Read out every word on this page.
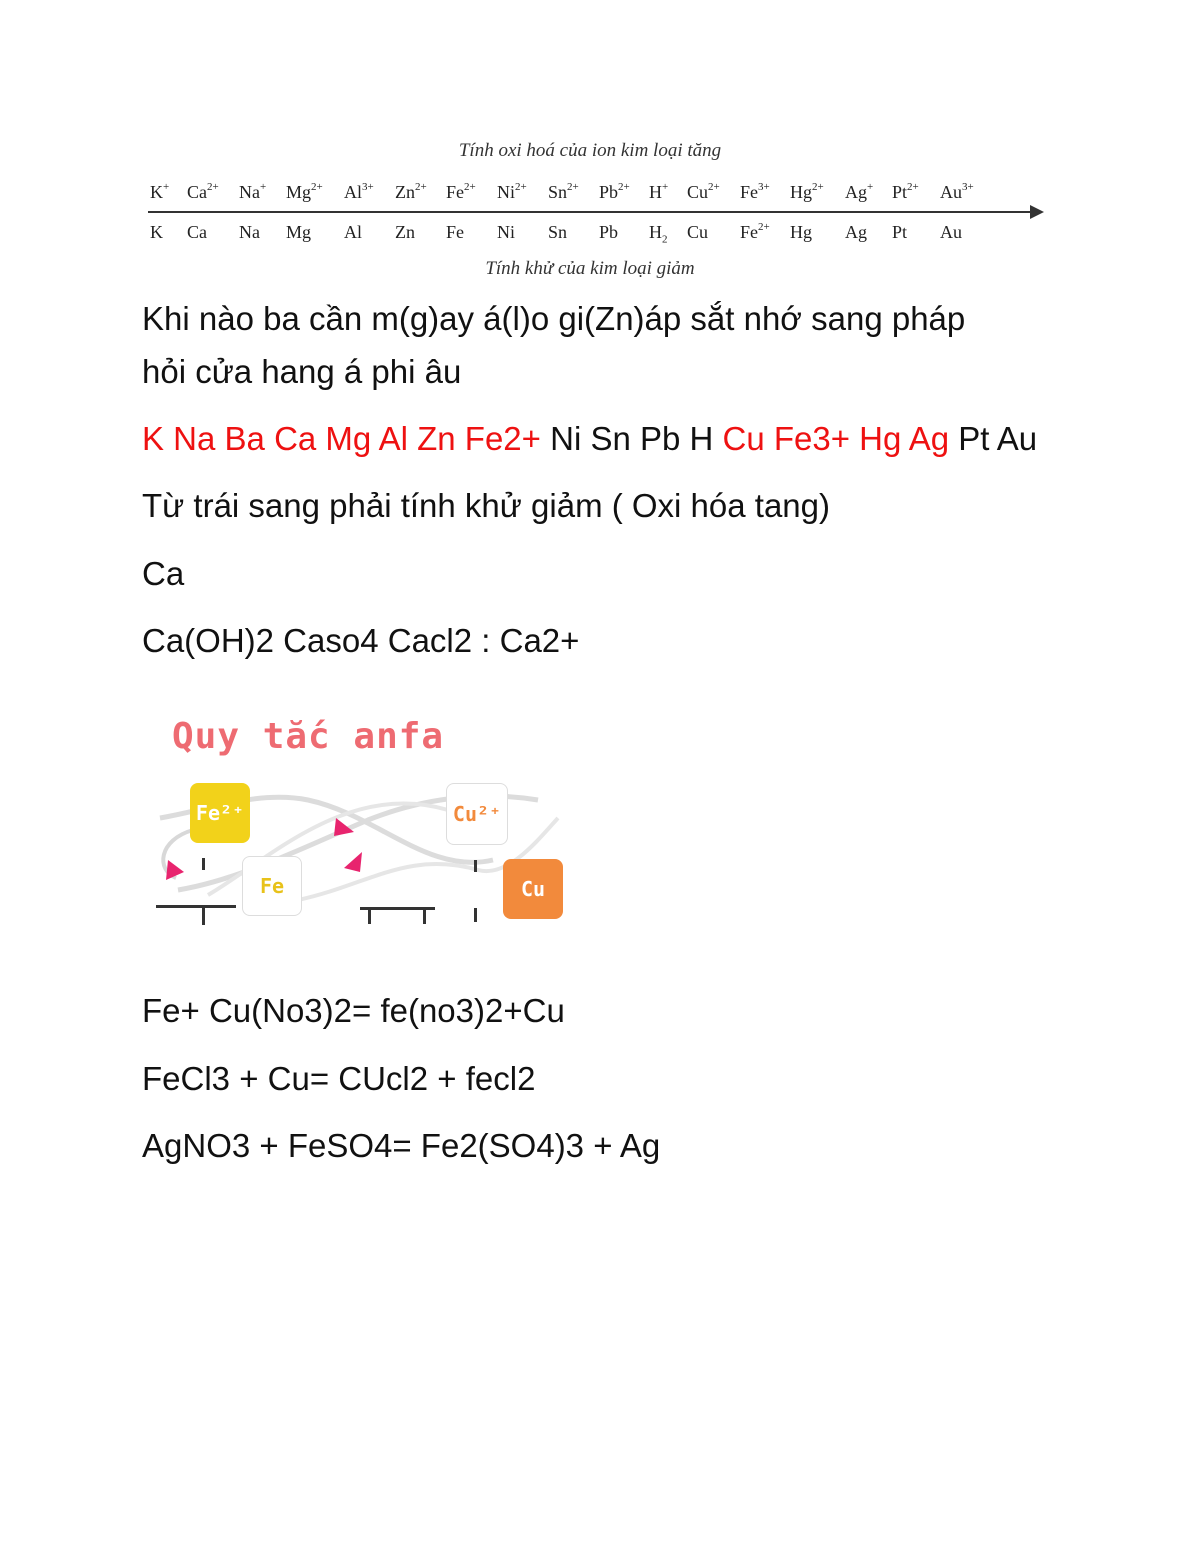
Tính oxi hoá của ion kim loại tăng
K+ $Ca^{2+}$ Na+ $Mg^{2+}$ $Al^{3+}$ $Zn^{2+}$ $Fe^{2+}$ $Ni^{2+}$ $Sn^{2+}$ $Pb^{2+}$ H+ $Cu^{2+}$ $Fe^{3+}$ $Hg^{2+}$ Ag+ $Pt^{2+}$ $Au^{3+}$
K Ca Na Mg Al Zn Fe Ni Sn Pb $H_2$ Cu $Fe^{2+}$ Hg Ag Pt Au
Tính khử của kim loại giảm
Khi nào ba cần m(g)ay á(l)o gi(Zn)áp sắt nhớ sang pháp
hỏi cửa hang á phi âu
K Na Ba Ca Mg Al Zn Fe2+ Ni Sn Pb H Cu Fe3+ Hg Ag Pt Au
Từ trái sang phải tính khử giảm ( Oxi hóa tang)
Ca
Ca(OH)2 Caso4 Cacl2 : Ca2+
Quy tắc anfa
Fe²⁺
Fe
Cu²⁺
Cu
Fe+ Cu(No3)2= fe(no3)2+Cu
FeCl3 + Cu= CUcl2 + fecl2
AgNO3 + FeSO4= Fe2(SO4)3 + Ag
